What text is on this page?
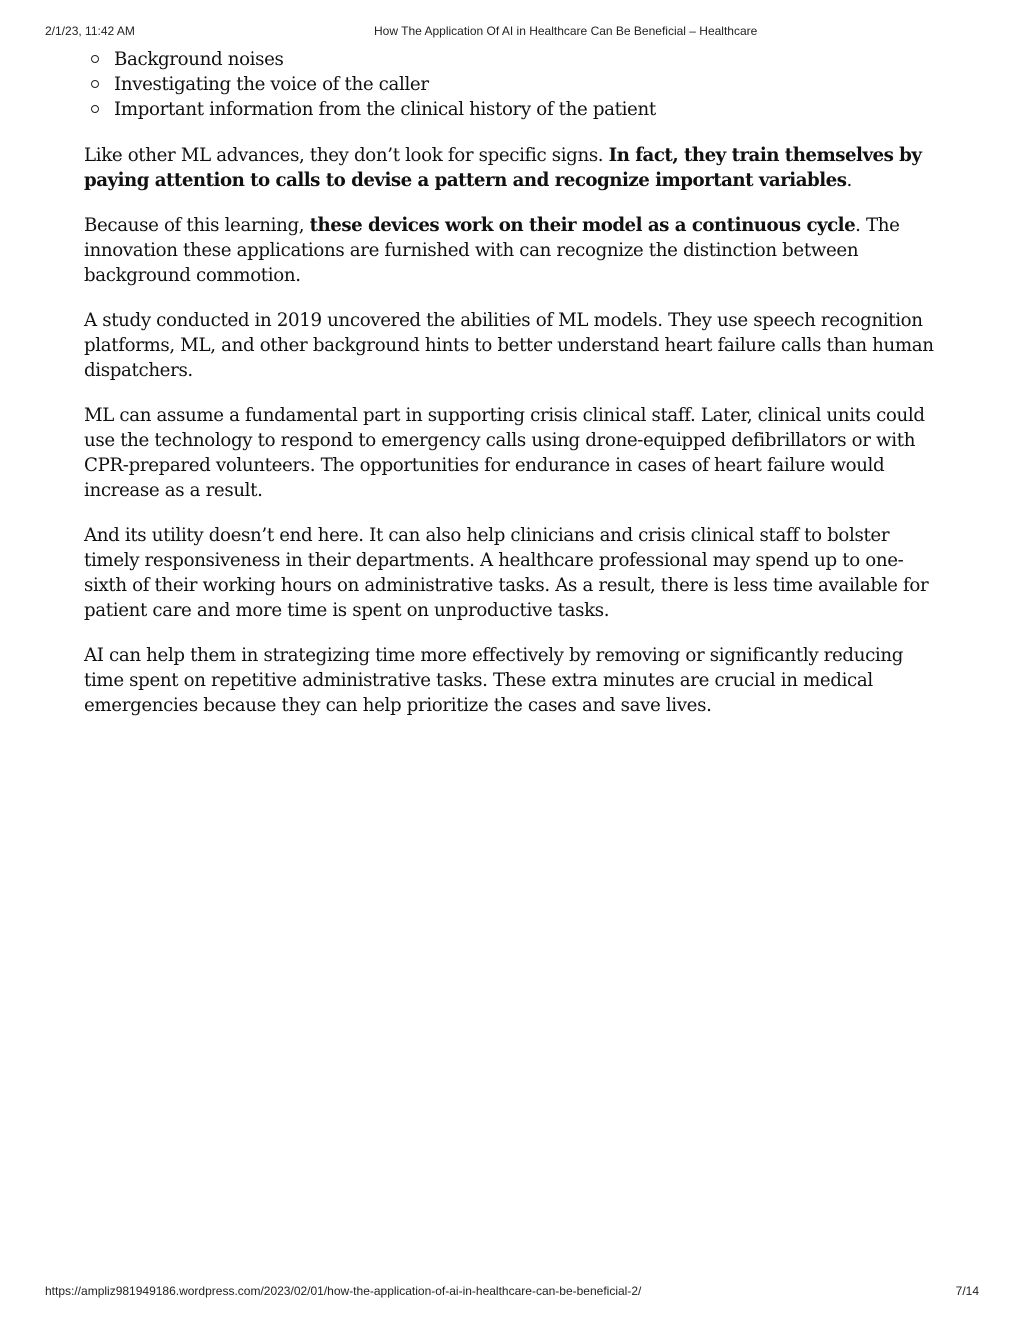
2/1/23, 11:42 AM	How The Application Of AI in Healthcare Can Be Beneficial – Healthcare
Background noises
Investigating the voice of the caller
Important information from the clinical history of the patient

Like other ML advances, they don’t look for specific signs. In fact, they train themselves by paying attention to calls to devise a pattern and recognize important variables.

Because of this learning, these devices work on their model as a continuous cycle. The innovation these applications are furnished with can recognize the distinction between background commotion.

A study conducted in 2019 uncovered the abilities of ML models. They use speech recognition platforms, ML, and other background hints to better understand heart failure calls than human dispatchers.

ML can assume a fundamental part in supporting crisis clinical staff. Later, clinical units could use the technology to respond to emergency calls using drone-equipped defibrillators or with CPR-prepared volunteers. The opportunities for endurance in cases of heart failure would increase as a result.

And its utility doesn’t end here. It can also help clinicians and crisis clinical staff to bolster timely responsiveness in their departments. A healthcare professional may spend up to one-sixth of their working hours on administrative tasks. As a result, there is less time available for patient care and more time is spent on unproductive tasks.

AI can help them in strategizing time more effectively by removing or significantly reducing time spent on repetitive administrative tasks. These extra minutes are crucial in medical emergencies because they can help prioritize the cases and save lives.

https://ampliz981949186.wordpress.com/2023/02/01/how-the-application-of-ai-in-healthcare-can-be-beneficial-2/	7/14
